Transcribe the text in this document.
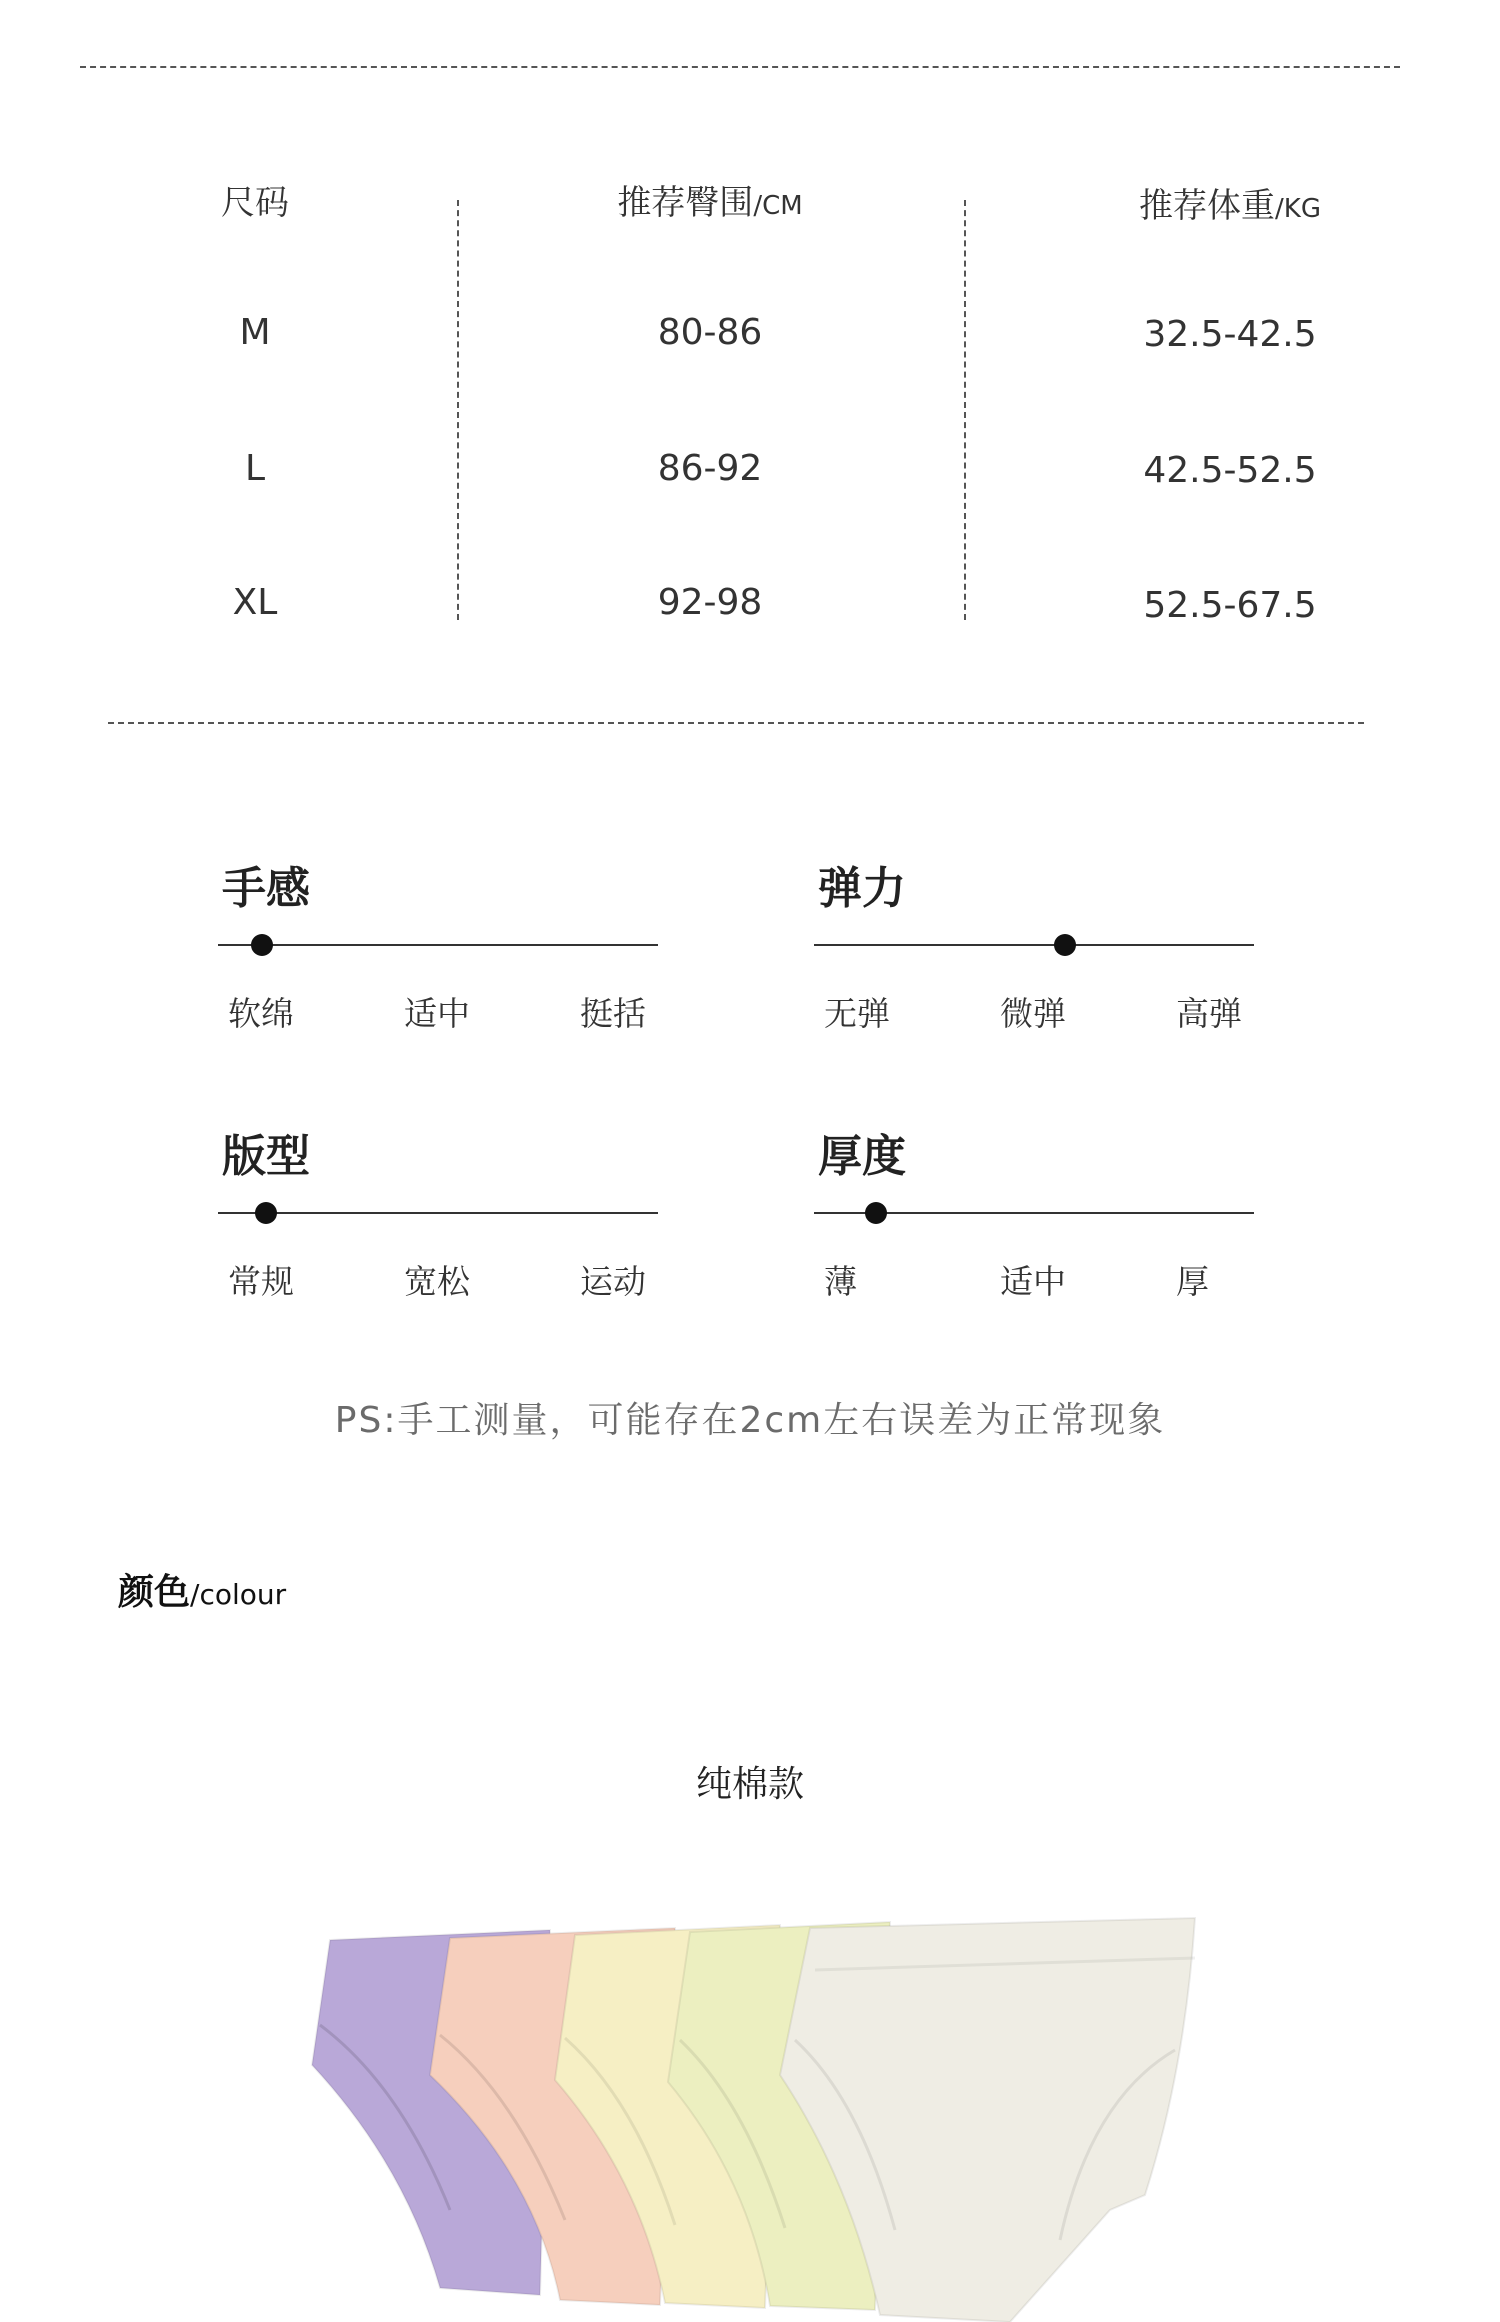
尺码	推荐臀围/CM	推荐体重/KG
M	80-86	32.5-42.5
L	86-92	42.5-52.5
XL	92-98	52.5-67.5
手感
软绵	适中	挺括
弹力
无弹	微弹	高弹
版型
常规	宽松	运动
厚度
薄	适中	厚
PS:手工测量，可能存在2cm左右误差为正常现象
颜色/colour
纯棉款
